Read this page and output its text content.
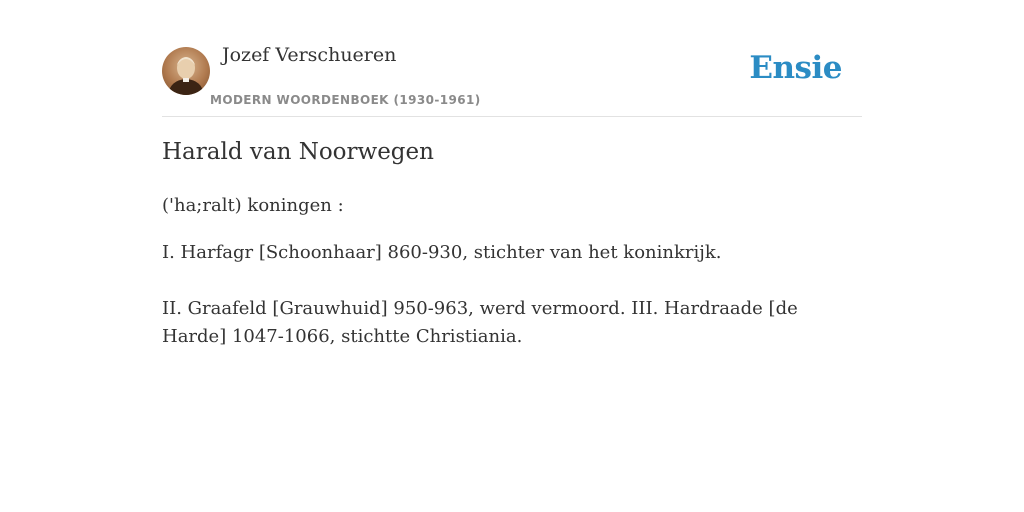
Jozef Verschueren
MODERN WOORDENBOEK (1930-1961)
Ensie
Harald van Noorwegen

('ha;ralt) koningen :

I. Harfagr [Schoonhaar] 860-930, stichter van het koninkrijk.

II. Graafeld [Grauwhuid] 950-963, werd vermoord. III. Hardraade [de Harde] 1047-1066, stichtte Christiania.
